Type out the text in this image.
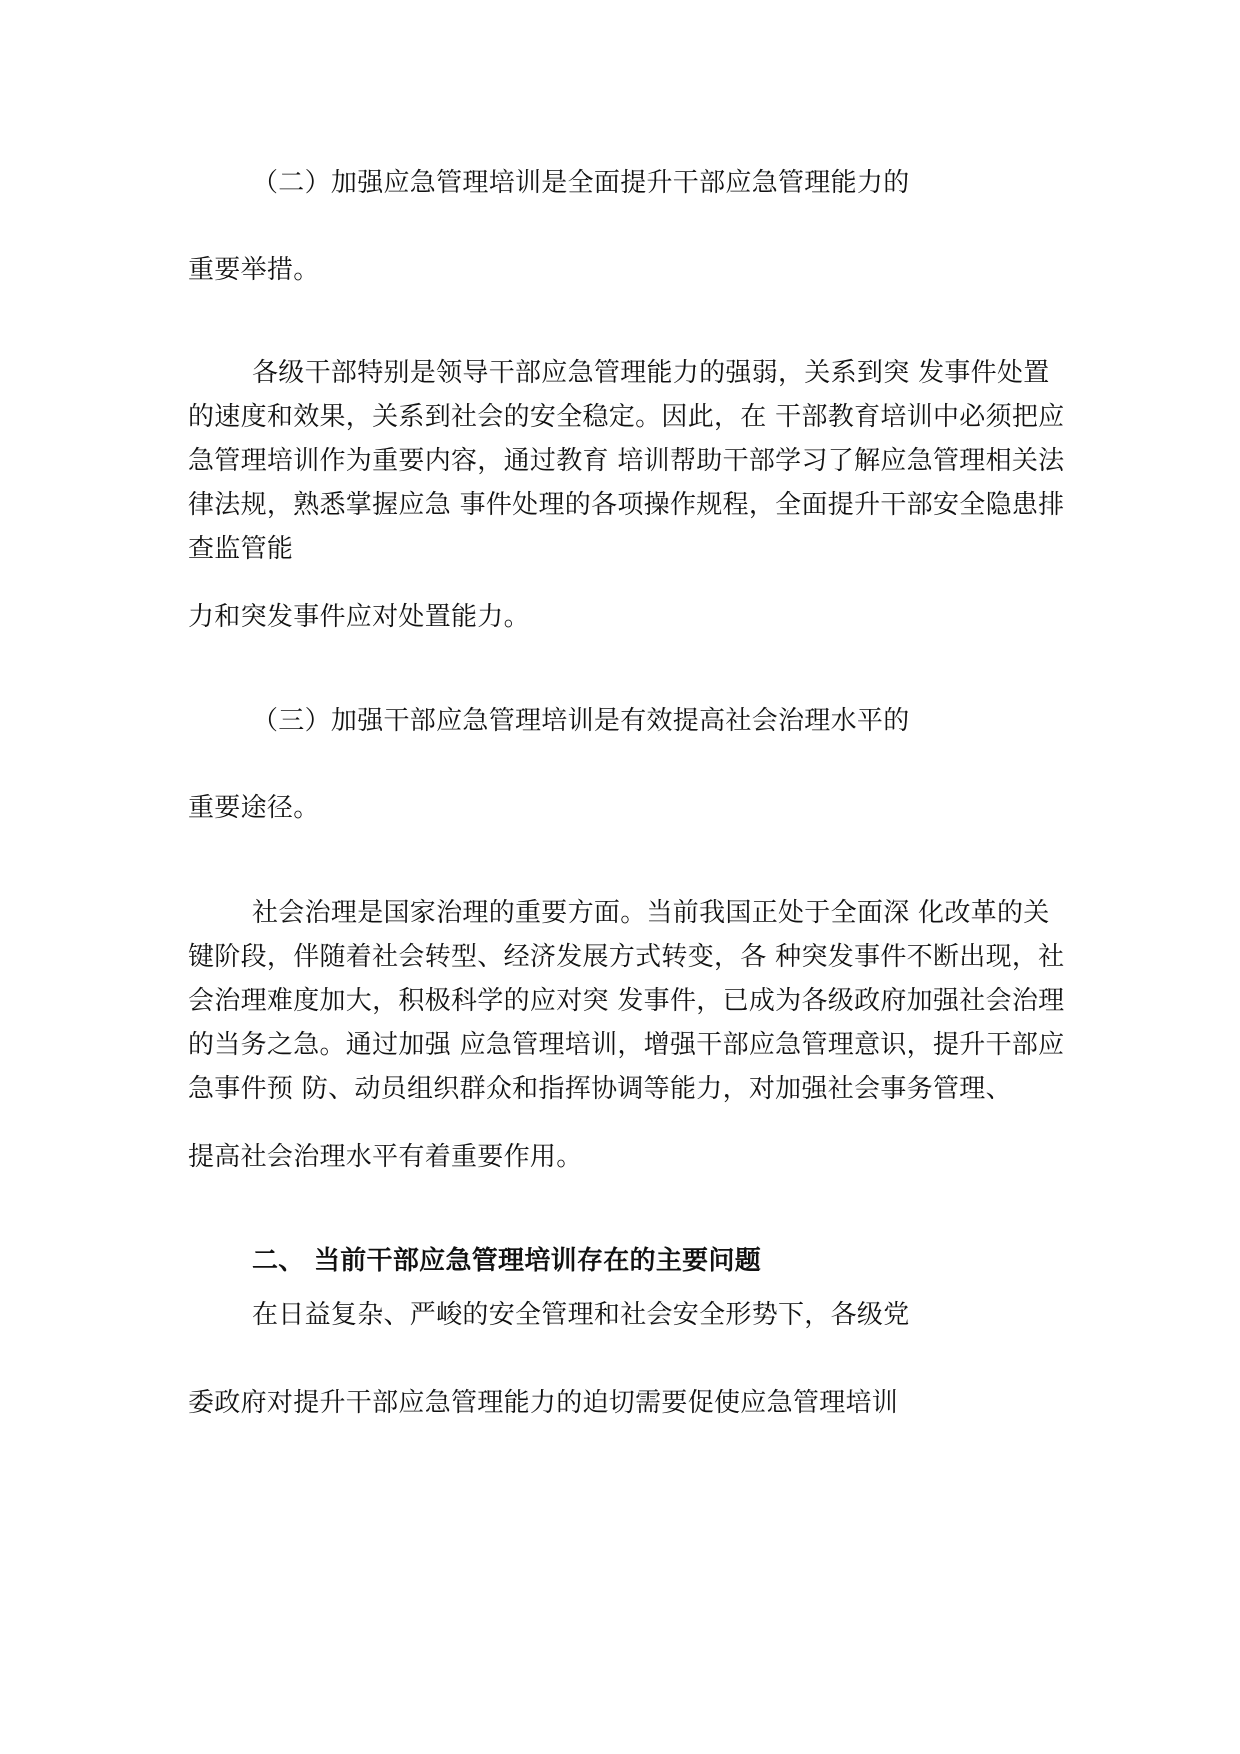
（二）加强应急管理培训是全面提升干部应急管理能力的
重要举措。
各级干部特别是领导干部应急管理能力的强弱，关系到突 发事件处置
的速度和效果，关系到社会的安全稳定。因此，在 干部教育培训中必须把应
急管理培训作为重要内容，通过教育 培训帮助干部学习了解应急管理相关法
律法规，熟悉掌握应急 事件处理的各项操作规程，全面提升干部安全隐患排
查监管能
力和突发事件应对处置能力。
（三）加强干部应急管理培训是有效提高社会治理水平的
重要途径。
社会治理是国家治理的重要方面。当前我国正处于全面深 化改革的关
键阶段，伴随着社会转型、经济发展方式转变，各 种突发事件不断出现，社
会治理难度加大，积极科学的应对突 发事件，已成为各级政府加强社会治理
的当务之急。通过加强 应急管理培训，增强干部应急管理意识，提升干部应
急事件预 防、动员组织群众和指挥协调等能力，对加强社会事务管理、
提高社会治理水平有着重要作用。
二、 当前干部应急管理培训存在的主要问题
在日益复杂、严峻的安全管理和社会安全形势下，各级党
委政府对提升干部应急管理能力的迫切需要促使应急管理培训
